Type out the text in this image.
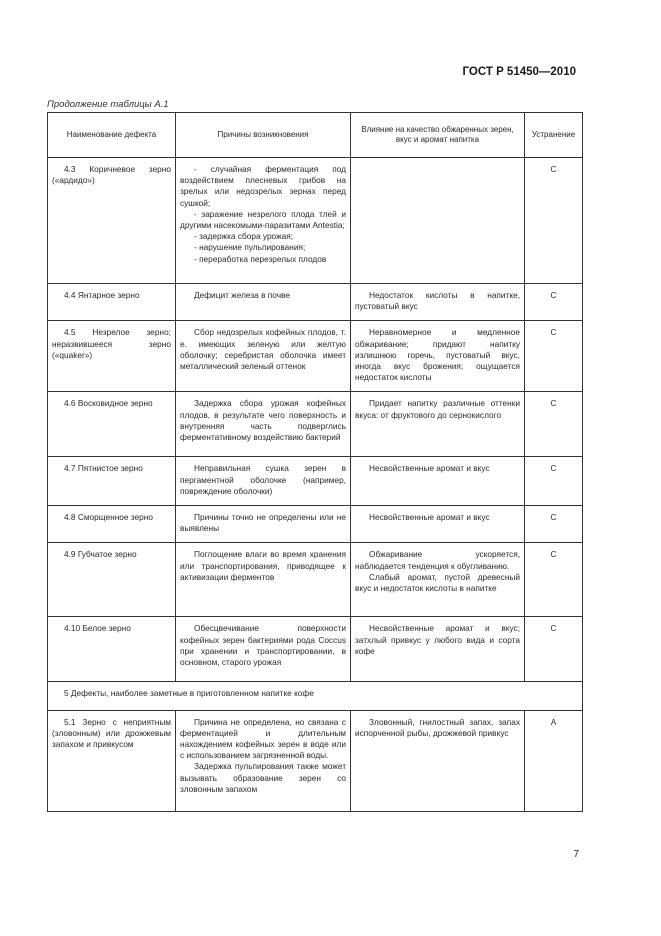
ГОСТ Р 51450—2010
Продолжение таблицы А.1
Наименование дефекта	Причины возникновения	Влияние на качество обжаренных зерен, вкус и аромат напитка	Устранение

4.3 Коричневое зерно («ардидо»)	- случайная ферментация под воздействием плесневых грибов на зрелых или недозрелых зернах перед сушкой;

- заражение незрелого плода тлей и другими насекомыми-паразитами Antestia;

- задержка сбора урожая;

- нарушение пульпирования;

- переработка перезрелых плодов		С

4.4 Янтарное зерно	Дефицит железа в почве	Недостаток кислоты в напитке, пустоватый вкус	С

4.5 Незрелое зерно; неразвившееся зерно («quaker»)	Сбор недозрелых кофейных плодов, т. е. имеющих зеленую или желтую оболочку; серебристая оболочка имеет металлический зеленый оттенок	Неравномерное и медленное обжаривание; придают напитку излишнюю горечь, пустоватый вкус, иногда вкус брожения; ощущается недостаток кислоты	С

4.6 Восковидное зерно	Задержка сбора урожая кофейных плодов, в результате чего поверхность и внутренняя часть подверглись ферментативному воздействию бактерий	Придает напитку различные оттенки вкуса: от фруктового до сернокислого	С

4.7 Пятнистое зерно	Неправильная сушка зерен в пергаментной оболочке (например, повреждение оболочки)	Несвойственные аромат и вкус	С

4.8 Сморщенное зерно	Причины точно не определены или не выявлены	Несвойственные аромат и вкус	С

4.9 Губчатое зерно	Поглощение влаги во время хранения или транспортирования, приводящее к активизации ферментов	Обжаривание ускоряется, наблюдается тенденция к обугливанию.

Слабый аромат, пустой древесный вкус и недостаток кислоты в напитке	С

4.10 Белое зерно	Обесцвечивание поверхности кофейных зерен бактериями рода Coccus при хранении и транспортировании, в основном, старого урожая	Несвойственные аромат и вкус; затхлый привкус у любого вида и сорта кофе	С

5 Дефекты, наиболее заметные в приготовленном напитке кофе			

5.1 Зерно с неприятным (зловонным) или дрожжевым запахом и привкусом	Причина не определена, но связана с ферментацией и длительным нахождением кофейных зерен в воде или с использованием загрязненной воды.

Задержка пульпирования также может вызывать образование зерен со зловонным запахом	Зловонный, гнилостный запах, запах испорченной рыбы, дрожжевой привкус	А
7
